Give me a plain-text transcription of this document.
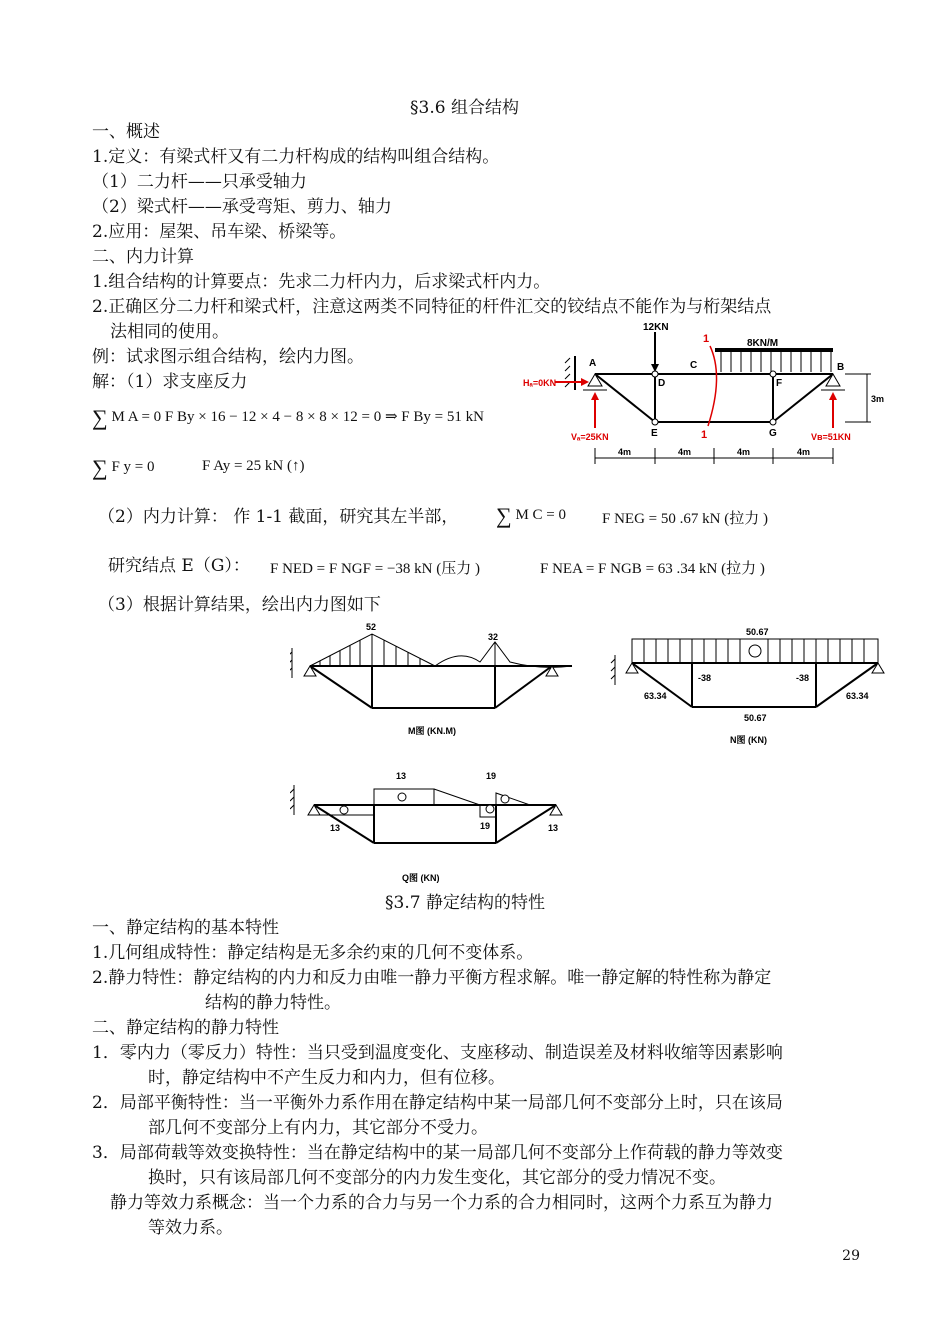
§3.6 组合结构
一、概述
1.定义：有梁式杆又有二力杆构成的结构叫组合结构。
（1）二力杆——只承受轴力
（2）梁式杆——承受弯矩、剪力、轴力
2.应用：屋架、吊车梁、桥梁等。
二、内力计算
1.组合结构的计算要点：先求二力杆内力，后求梁式杆内力。
2.正确区分二力杆和梁式杆，注意这两类不同特征的杆件汇交的铰结点不能作为与桁架结点
法相同的使用。
例：试求图示组合结构，绘内力图。
解：（1）求支座反力
∑ M A = 0 F By × 16 − 12 × 4 − 8 × 8 × 12 = 0 ⇒ F By = 51 kN
∑ F y = 0	F Ay = 25 kN (↑)
（2）内力计算： 作 1-1 截面，研究其左半部， ∑ M C = 0 F NEG = 50 .67 kN (拉力 )
研究结点 E（G）： F NED = F NGF = −38 kN (压力 )	F NEA = F NGB = 63 .34 kN (拉力 )
（3）根据计算结果，绘出内力图如下
12KN
8KN/M
1
1
A	B
C
D
E
F
G
Hₐ=0KN
Vₐ=25KN	Vʙ=51KN
3m
4m	4m	4m	4m
52
32
M图 (KN.M)
50.67
-38	-38
63.34	63.34
50.67
N图 (KN)
13	19
13	19	13
Q图 (KN)
§3.7 静定结构的特性
一、静定结构的基本特性
1.几何组成特性：静定结构是无多余约束的几何不变体系。
2.静力特性：静定结构的内力和反力由唯一静力平衡方程求解。唯一静定解的特性称为静定
结构的静力特性。
二、静定结构的静力特性
1．零内力（零反力）特性：当只受到温度变化、支座移动、制造误差及材料收缩等因素影响
时，静定结构中不产生反力和内力，但有位移。
2．局部平衡特性：当一平衡外力系作用在静定结构中某一局部几何不变部分上时，只在该局
部几何不变部分上有内力，其它部分不受力。
3．局部荷载等效变换特性：当在静定结构中的某一局部几何不变部分上作荷载的静力等效变
换时，只有该局部几何不变部分的内力发生变化，其它部分的受力情况不变。
静力等效力系概念：当一个力系的合力与另一个力系的合力相同时，这两个力系互为静力
等效力系。
29
